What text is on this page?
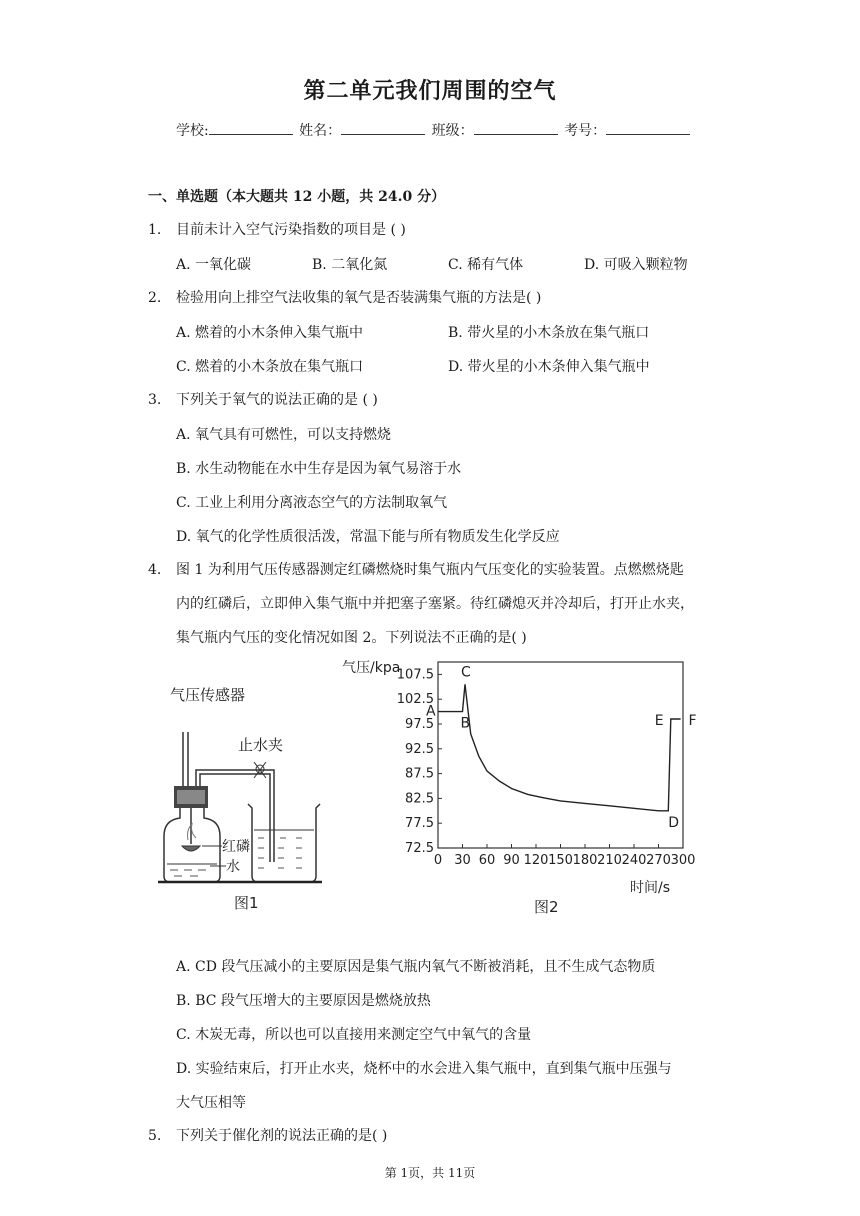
第二单元我们周围的空气
学校:	姓名：	班级：	考号：
一、单选题（本大题共 12 小题，共 24.0 分）
1. 目前未计入空气污染指数的项目是 ( )
A. 一氧化碳	B. 二氧化氮	C. 稀有气体	D. 可吸入颗粒物
2. 检验用向上排空气法收集的氧气是否装满集气瓶的方法是( )
A. 燃着的小木条伸入集气瓶中	B. 带火星的小木条放在集气瓶口
C. 燃着的小木条放在集气瓶口	D. 带火星的小木条伸入集气瓶中
3. 下列关于氧气的说法正确的是 ( )
A. 氧气具有可燃性，可以支持燃烧
B. 水生动物能在水中生存是因为氧气易溶于水
C. 工业上利用分离液态空气的方法制取氧气
D. 氧气的化学性质很活泼，常温下能与所有物质发生化学反应
4. 图 1 为利用气压传感器测定红磷燃烧时集气瓶内气压变化的实验装置。点燃燃烧匙
内的红磷后，立即伸入集气瓶中并把塞子塞紧。待红磷熄灭并冷却后，打开止水夹，
集气瓶内气压的变化情况如图 2。下列说法不正确的是( )
气压传感器
红磷
水
止水夹
图1
气压/kpa
时间/s
图2
0 30 60 90 120 150 180 210 240 270 300
72.5
77.5
82.5
87.5
92.5
97.5
102.5
107.5
A
B
C
D
E F
A. CD 段气压减小的主要原因是集气瓶内氧气不断被消耗，且不生成气态物质
B. BC 段气压增大的主要原因是燃烧放热
C. 木炭无毒，所以也可以直接用来测定空气中氧气的含量
D. 实验结束后，打开止水夹，烧杯中的水会进入集气瓶中，直到集气瓶中压强与
大气压相等
5. 下列关于催化剂的说法正确的是( )
第 1页，共 11页
